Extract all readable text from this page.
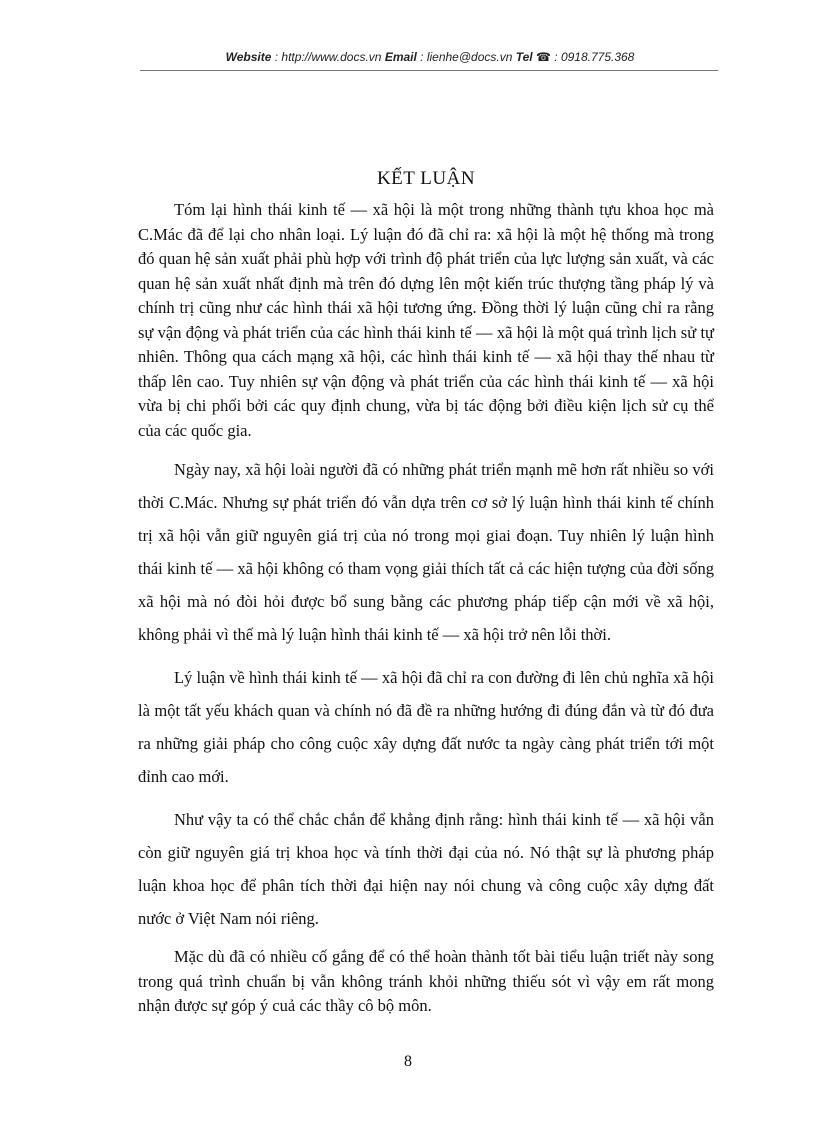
Website : http://www.docs.vn Email : lienhe@docs.vn Tel ☎ : 0918.775.368
KẾT LUẬN

Tóm lại hình thái kinh tế — xã hội là một trong những thành tựu khoa học mà C.Mác đã để lại cho nhân loại. Lý luận đó đã chỉ ra: xã hội là một hệ thống mà trong đó quan hệ sản xuất phải phù hợp với trình độ phát triển của lực lượng sản xuất, và các quan hệ sản xuất nhất định mà trên đó dựng lên một kiến trúc thượng tầng pháp lý và chính trị cũng như các hình thái xã hội tương ứng. Đồng thời lý luận cũng chỉ ra rằng sự vận động và phát triển của các hình thái kinh tế — xã hội là một quá trình lịch sử tự nhiên. Thông qua cách mạng xã hội, các hình thái kinh tế — xã hội thay thế nhau từ thấp lên cao. Tuy nhiên sự vận động và phát triển của các hình thái kinh tế — xã hội vừa bị chi phối bởi các quy định chung, vừa bị tác động bởi điều kiện lịch sử cụ thể của các quốc gia.

Ngày nay, xã hội loài người đã có những phát triển mạnh mẽ hơn rất nhiều so với thời C.Mác. Nhưng sự phát triển đó vẫn dựa trên cơ sở lý luận hình thái kinh tế chính trị xã hội vẫn giữ nguyên giá trị của nó trong mọi giai đoạn. Tuy nhiên lý luận hình thái kinh tế — xã hội không có tham vọng giải thích tất cả các hiện tượng của đời sống xã hội mà nó đòi hỏi được bổ sung bằng các phương pháp tiếp cận mới về xã hội, không phải vì thế mà lý luận hình thái kinh tế — xã hội trở nên lỗi thời.

Lý luận về hình thái kinh tế — xã hội đã chỉ ra con đường đi lên chủ nghĩa xã hội là một tất yếu khách quan và chính nó đã đề ra những hướng đi đúng đắn và từ đó đưa ra những giải pháp cho công cuộc xây dựng đất nước ta ngày càng phát triển tới một đỉnh cao mới.

Như vậy ta có thể chắc chắn để khẳng định rằng: hình thái kinh tế — xã hội vẫn còn giữ nguyên giá trị khoa học và tính thời đại của nó. Nó thật sự là phương pháp luận khoa học để phân tích thời đại hiện nay nói chung và công cuộc xây dựng đất nước ở Việt Nam nói riêng.

Mặc dù đã có nhiều cố gắng để có thể hoàn thành tốt bài tiểu luận triết này song trong quá trình chuẩn bị vẫn không tránh khỏi những thiếu sót vì vậy em rất mong nhận được sự góp ý cuả các thầy cô bộ môn.

8
